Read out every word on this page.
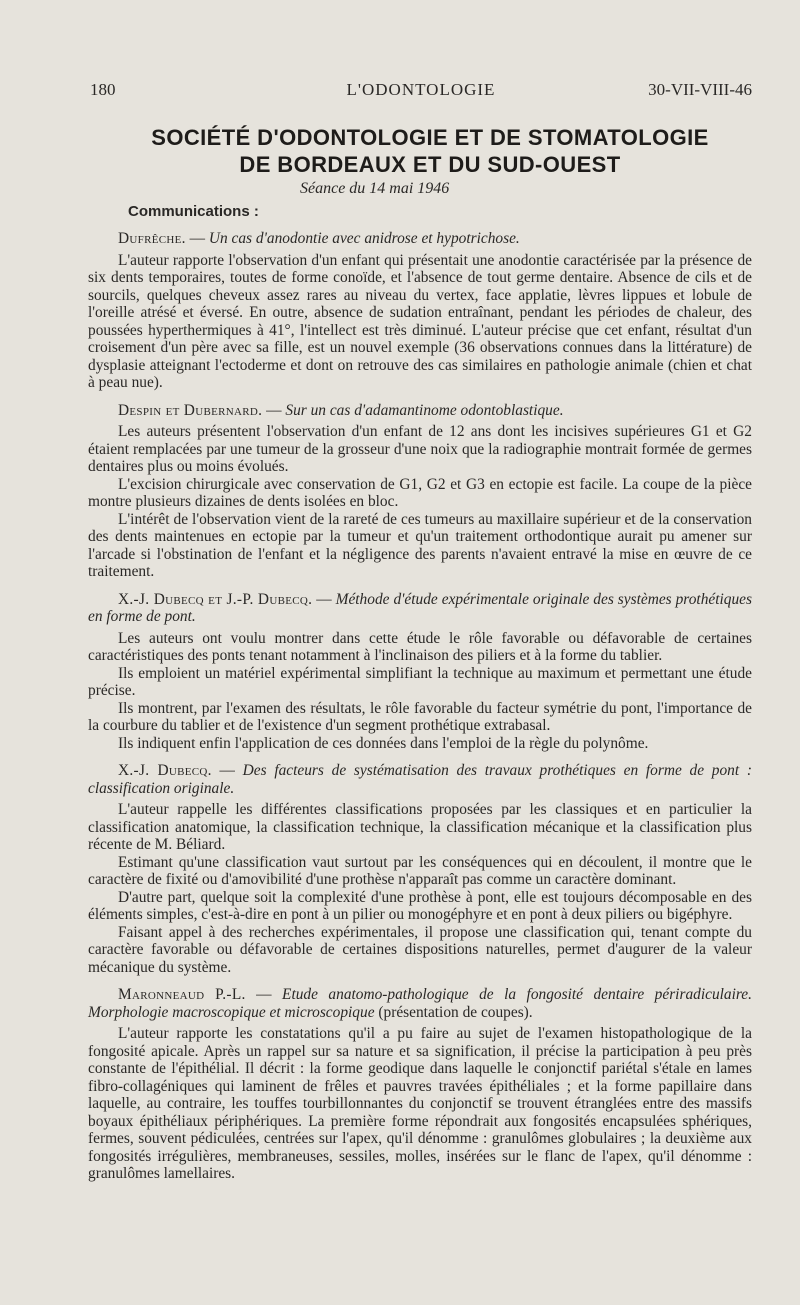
180	L'ODONTOLOGIE	30-VII-VIII-46
SOCIÉTÉ D'ODONTOLOGIE ET DE STOMATOLOGIE
DE BORDEAUX ET DU SUD-OUEST
Séance du 14 mai 1946
Communications :

Dufrêche. — Un cas d'anodontie avec anidrose et hypotrichose.

L'auteur rapporte l'observation d'un enfant qui présentait une anodontie caractérisée par la présence de six dents temporaires, toutes de forme conoïde, et l'absence de tout germe dentaire. Absence de cils et de sourcils, quelques cheveux assez rares au niveau du vertex, face applatie, lèvres lippues et lobule de l'oreille atrésé et éversé. En outre, absence de sudation entraînant, pendant les périodes de chaleur, des poussées hyperthermiques à 41°, l'intellect est très diminué. L'auteur précise que cet enfant, résultat d'un croisement d'un père avec sa fille, est un nouvel exemple (36 observations connues dans la littérature) de dysplasie atteignant l'ectoderme et dont on retrouve des cas similaires en pathologie animale (chien et chat à peau nue).

Despin et Dubernard. — Sur un cas d'adamantinome odontoblastique.

Les auteurs présentent l'observation d'un enfant de 12 ans dont les incisives supérieures G1 et G2 étaient remplacées par une tumeur de la grosseur d'une noix que la radiographie montrait formée de germes dentaires plus ou moins évolués.

L'excision chirurgicale avec conservation de G1, G2 et G3 en ectopie est facile. La coupe de la pièce montre plusieurs dizaines de dents isolées en bloc.

L'intérêt de l'observation vient de la rareté de ces tumeurs au maxillaire supérieur et de la conservation des dents maintenues en ectopie par la tumeur et qu'un traitement orthodontique aurait pu amener sur l'arcade si l'obstination de l'enfant et la négligence des parents n'avaient entravé la mise en œuvre de ce traitement.

X.-J. Dubecq et J.-P. Dubecq. — Méthode d'étude expérimentale originale des systèmes prothétiques en forme de pont.

Les auteurs ont voulu montrer dans cette étude le rôle favorable ou défavorable de certaines caractéristiques des ponts tenant notamment à l'inclinaison des piliers et à la forme du tablier.

Ils emploient un matériel expérimental simplifiant la technique au maximum et permettant une étude précise.

Ils montrent, par l'examen des résultats, le rôle favorable du facteur symétrie du pont, l'importance de la courbure du tablier et de l'existence d'un segment prothétique extrabasal.

Ils indiquent enfin l'application de ces données dans l'emploi de la règle du polynôme.

X.-J. Dubecq. — Des facteurs de systématisation des travaux prothétiques en forme de pont : classification originale.

L'auteur rappelle les différentes classifications proposées par les classiques et en particulier la classification anatomique, la classification technique, la classification mécanique et la classification plus récente de M. Béliard.

Estimant qu'une classification vaut surtout par les conséquences qui en découlent, il montre que le caractère de fixité ou d'amovibilité d'une prothèse n'apparaît pas comme un caractère dominant.

D'autre part, quelque soit la complexité d'une prothèse à pont, elle est toujours décomposable en des éléments simples, c'est-à-dire en pont à un pilier ou monogéphyre et en pont à deux piliers ou bigéphyre.

Faisant appel à des recherches expérimentales, il propose une classification qui, tenant compte du caractère favorable ou défavorable de certaines dispositions naturelles, permet d'augurer de la valeur mécanique du système.

Maronneaud P.-L. — Etude anatomo-pathologique de la fongosité dentaire périradiculaire. Morphologie macroscopique et microscopique (présentation de coupes).

L'auteur rapporte les constatations qu'il a pu faire au sujet de l'examen histopathologique de la fongosité apicale. Après un rappel sur sa nature et sa signification, il précise la participation à peu près constante de l'épithélial. Il décrit : la forme geodique dans laquelle le conjonctif pariétal s'étale en lames fibro-collagéniques qui laminent de frêles et pauvres travées épithéliales ; et la forme papillaire dans laquelle, au contraire, les touffes tourbillonnantes du conjonctif se trouvent étranglées entre des massifs boyaux épithéliaux périphériques. La première forme répondrait aux fongosités encapsulées sphériques, fermes, souvent pédiculées, centrées sur l'apex, qu'il dénomme : granulômes globulaires ; la deuxième aux fongosités irrégulières, membraneuses, sessiles, molles, insérées sur le flanc de l'apex, qu'il dénomme : granulômes lamellaires.
